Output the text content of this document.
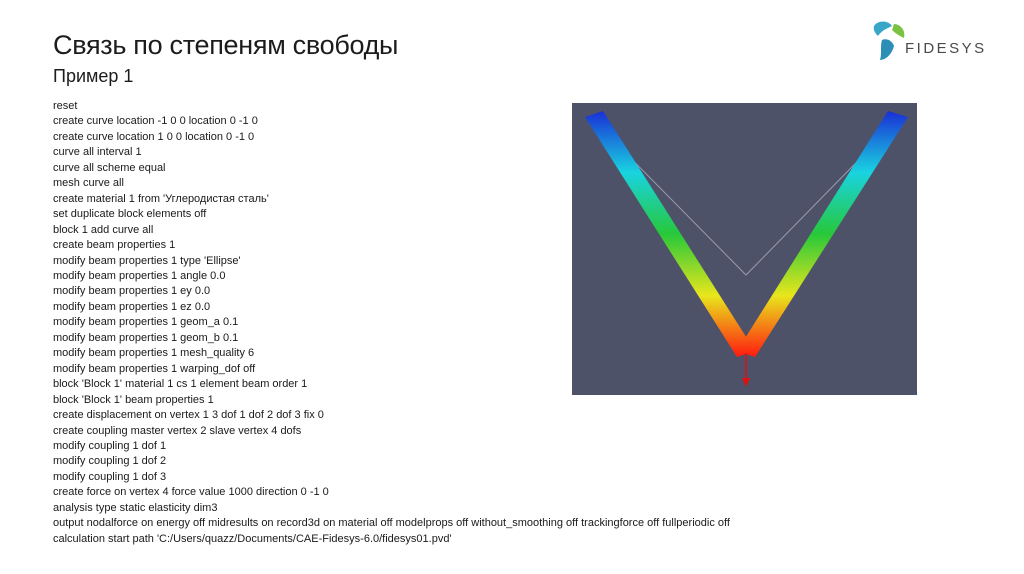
Связь по степеням свободы
Пример 1
FIDESYS
reset
create curve location -1 0 0 location 0 -1 0
create curve location 1 0 0 location 0 -1 0
curve all interval 1
curve all scheme equal
mesh curve all
create material 1 from 'Углеродистая сталь'
set duplicate block elements off
block 1 add curve all
create beam properties 1
modify beam properties 1 type 'Ellipse'
modify beam properties 1 angle 0.0
modify beam properties 1 ey 0.0
modify beam properties 1 ez 0.0
modify beam properties 1 geom_a 0.1
modify beam properties 1 geom_b 0.1
modify beam properties 1 mesh_quality 6
modify beam properties 1 warping_dof off
block 'Block 1' material 1 cs 1 element beam order 1
block 'Block 1' beam properties 1
create displacement on vertex 1 3 dof 1 dof 2 dof 3 fix 0
create coupling master vertex 2 slave vertex 4 dofs
modify coupling 1 dof 1
modify coupling 1 dof 2
modify coupling 1 dof 3
create force on vertex 4 force value 1000 direction 0 -1 0
analysis type static elasticity dim3
output nodalforce on energy off midresults on record3d on material off modelprops off without_smoothing off trackingforce off fullperiodic off
calculation start path 'C:/Users/quazz/Documents/CAE-Fidesys-6.0/fidesys01.pvd'
